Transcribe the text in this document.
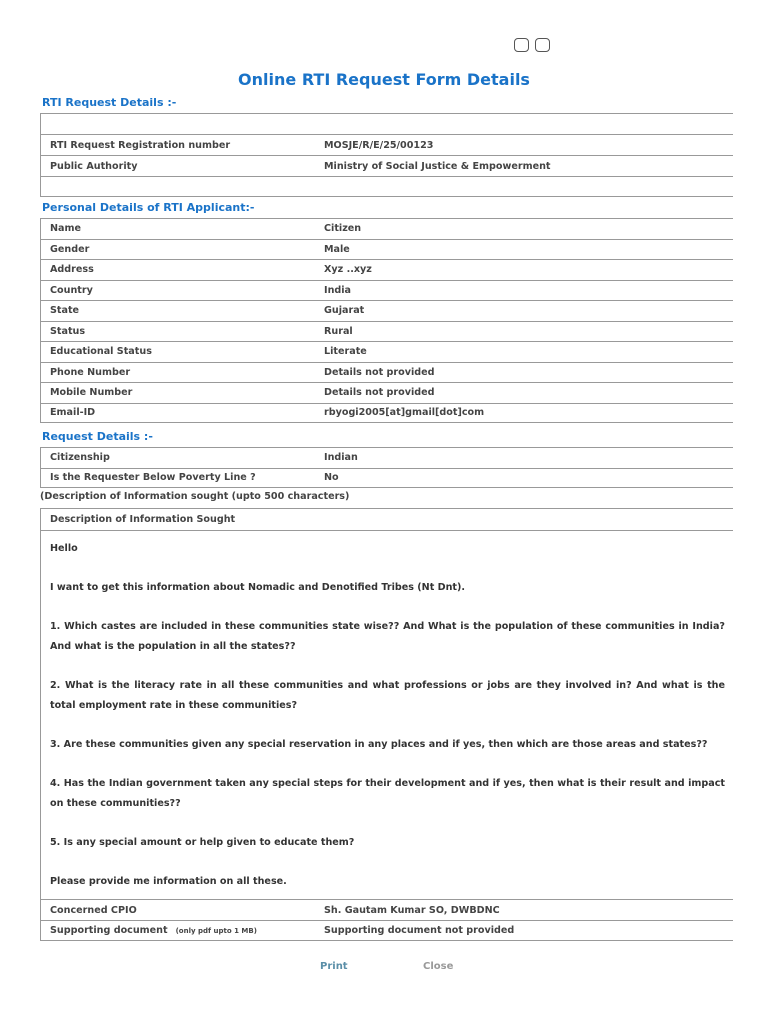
Online RTI Request Form Details
RTI Request Details :-
RTI Request Registration number	MOSJE/R/E/25/00123
Public Authority	Ministry of Social Justice & Empowerment
Personal Details of RTI Applicant:-
Name	Citizen
Gender	Male
Address	Xyz ..xyz
Country	India
State	Gujarat
Status	Rural
Educational Status	Literate
Phone Number	Details not provided
Mobile Number	Details not provided
Email-ID	rbyogi2005[at]gmail[dot]com
Request Details :-
Citizenship	Indian
Is the Requester Below Poverty Line ?	No
(Description of Information sought (upto 500 characters)
Description of Information Sought

Hello

I want to get this information about Nomadic and Denotified Tribes (Nt Dnt).

1. Which castes are included in these communities state wise?? And What is the population of these communities in India? And what is the population in all the states??

2. What is the literacy rate in all these communities and what professions or jobs are they involved in? And what is the total employment rate in these communities?

3. Are these communities given any special reservation in any places and if yes, then which are those areas and states??

4. Has the Indian government taken any special steps for their development and if yes, then what is their result and impact on these communities??

5. Is any special amount or help given to educate them?

Please provide me information on all these.

Concerned CPIO	Sh. Gautam Kumar SO, DWBDNC
Supporting document (only pdf upto 1 MB)	Supporting document not provided
Print	Close
